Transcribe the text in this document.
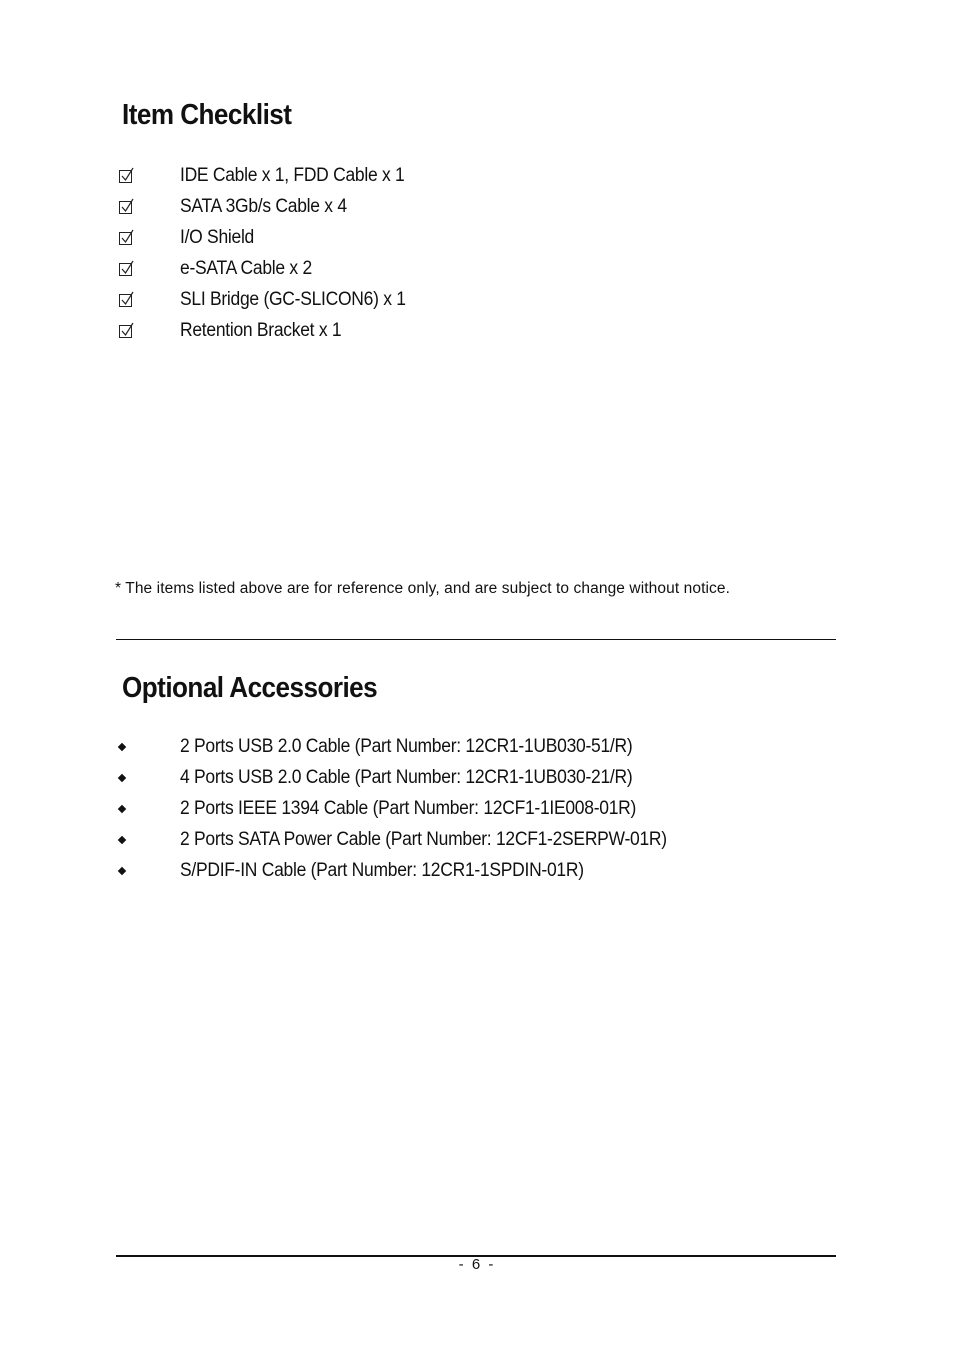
Item Checklist
IDE Cable x 1, FDD Cable x 1
SATA 3Gb/s Cable x 4
I/O Shield
e-SATA Cable x 2
SLI Bridge (GC-SLICON6) x 1
Retention Bracket x 1

* The items listed above are for reference only, and are subject to change without notice.

Optional Accessories
2 Ports USB 2.0 Cable (Part Number: 12CR1-1UB030-51/R)
4 Ports USB 2.0 Cable (Part Number: 12CR1-1UB030-21/R)
2 Ports IEEE 1394 Cable (Part Number: 12CF1-1IE008-01R)
2 Ports SATA Power Cable (Part Number: 12CF1-2SERPW-01R)
S/PDIF-IN Cable (Part Number: 12CR1-1SPDIN-01R)
- 6 -
